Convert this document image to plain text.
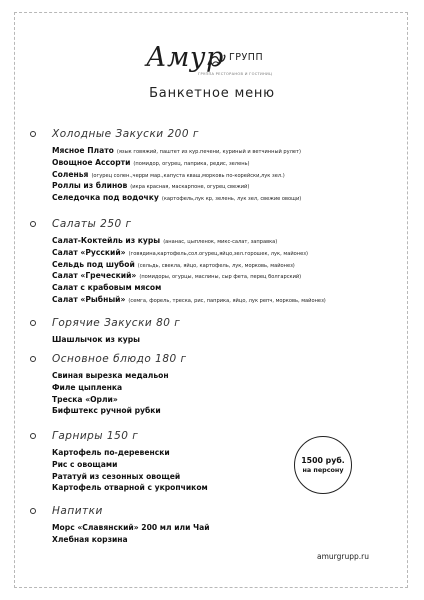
Амур ГРУПП
ГРУППА РЕСТОРАНОВ И ГОСТИНИЦ
Банкетное меню
Холодные Закуски 200 г
Мясное Плато (язык говяжий, паштет из кур.печени, куриный и ветчинный рулет)
Овощное Ассорти (помидор, огурец, паприка, редис, зелень)
Соленья (огурец солен.,черри мар.,капуста кваш,морковь по-корейски,лук зел.)
Роллы из блинов (икра красная, маскарпоне, огурец свежий)
Селедочка под водочку (картофель,лук кр, зелень, лук зел, свежие овощи)
Салаты 250 г
Салат-Коктейль из куры (ананас, цыпленок, микс-салат, заправка)
Салат «Русский» (говядина,картофель,сол.огурец,яйцо,зел.горошек, лук, майонез)
Сельдь под шубой (сельдь, свекла, яйцо, картофель, лук, морковь, майонез)
Салат «Греческий» (помидоры, огурцы, маслины, сыр фета, перец болгарский)
Салат с крабовым мясом
Салат «Рыбный» (семга, форель, треска, рис, паприка, яйцо, лук репч, морковь, майонез)
Горячие Закуски 80 г
Шашлычок из куры
Основное блюдо 180 г
Свиная вырезка медальон
Филе цыпленка
Треска «Орли»
Бифштекс ручной рубки
Гарниры 150 г
Картофель по-деревенски
Рис с овощами
Рататуй из сезонных овощей
Картофель отварной с укропчиком
Напитки
Морс «Славянский» 200 мл или Чай
Хлебная корзина
1500 руб.
на персону
amurgrupp.ru
